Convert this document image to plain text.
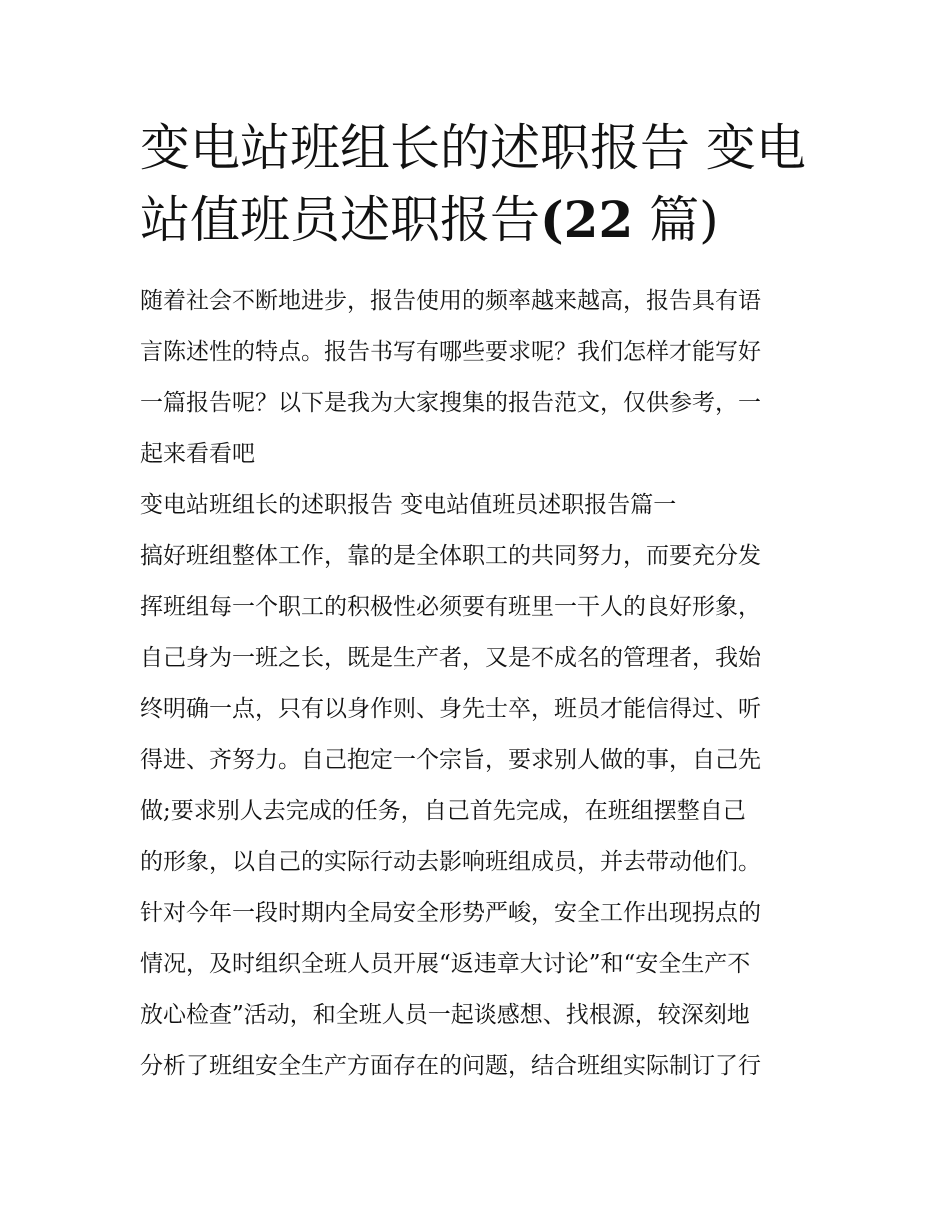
变电站班组长的述职报告 变电
站值班员述职报告(22 篇)

随着社会不断地进步，报告使用的频率越来越高，报告具有语
言陈述性的特点。报告书写有哪些要求呢？我们怎样才能写好
一篇报告呢？以下是我为大家搜集的报告范文，仅供参考，一
起来看看吧

变电站班组长的述职报告 变电站值班员述职报告篇一

搞好班组整体工作，靠的是全体职工的共同努力，而要充分发
挥班组每一个职工的积极性必须要有班里一干人的良好形象，
自己身为一班之长，既是生产者，又是不成名的管理者，我始
终明确一点，只有以身作则、身先士卒，班员才能信得过、听
得进、齐努力。自己抱定一个宗旨，要求别人做的事，自己先
做;要求别人去完成的任务，自己首先完成，在班组摆整自己
的形象，以自己的实际行动去影响班组成员，并去带动他们。
针对今年一段时期内全局安全形势严峻，安全工作出现拐点的
情况，及时组织全班人员开展“返违章大讨论”和“安全生产不
放心检查”活动，和全班人员一起谈感想、找根源，较深刻地
分析了班组安全生产方面存在的问题，结合班组实际制订了行
